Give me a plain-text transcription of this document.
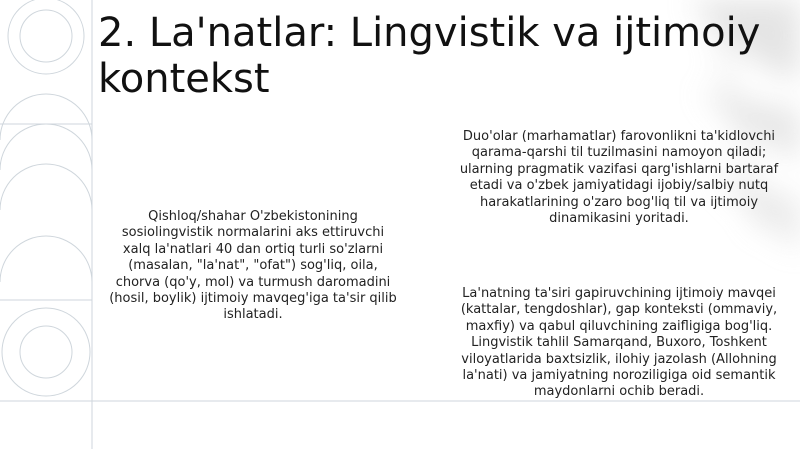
2. La'natlar: Lingvistik va ijtimoiy kontekst

Qishloq/shahar O'zbekistonining sosiolingvistik normalarini aks ettiruvchi xalq la'natlari 40 dan ortiq turli so'zlarni (masalan, "la'nat", "ofat") sog'liq, oila, chorva (qo'y, mol) va turmush daromadini (hosil, boylik) ijtimoiy mavqeg'iga ta'sir qilib ishlatadi.

Duo'olar (marhamatlar) farovonlikni ta'kidlovchi qarama-qarshi til tuzilmasini namoyon qiladi; ularning pragmatik vazifasi qarg'ishlarni bartaraf etadi va o'zbek jamiyatidagi ijobiy/salbiy nutq harakatlarining o'zaro bog'liq til va ijtimoiy dinamikasini yoritadi.

La'natning ta'siri gapiruvchining ijtimoiy mavqei (kattalar, tengdoshlar), gap konteksti (ommaviy, maxfiy) va qabul qiluvchining zaifligiga bog'liq. Lingvistik tahlil Samarqand, Buxoro, Toshkent viloyatlarida baxtsizlik, ilohiy jazolash (Allohning la'nati) va jamiyatning noroziligiga oid semantik maydonlarni ochib beradi.
